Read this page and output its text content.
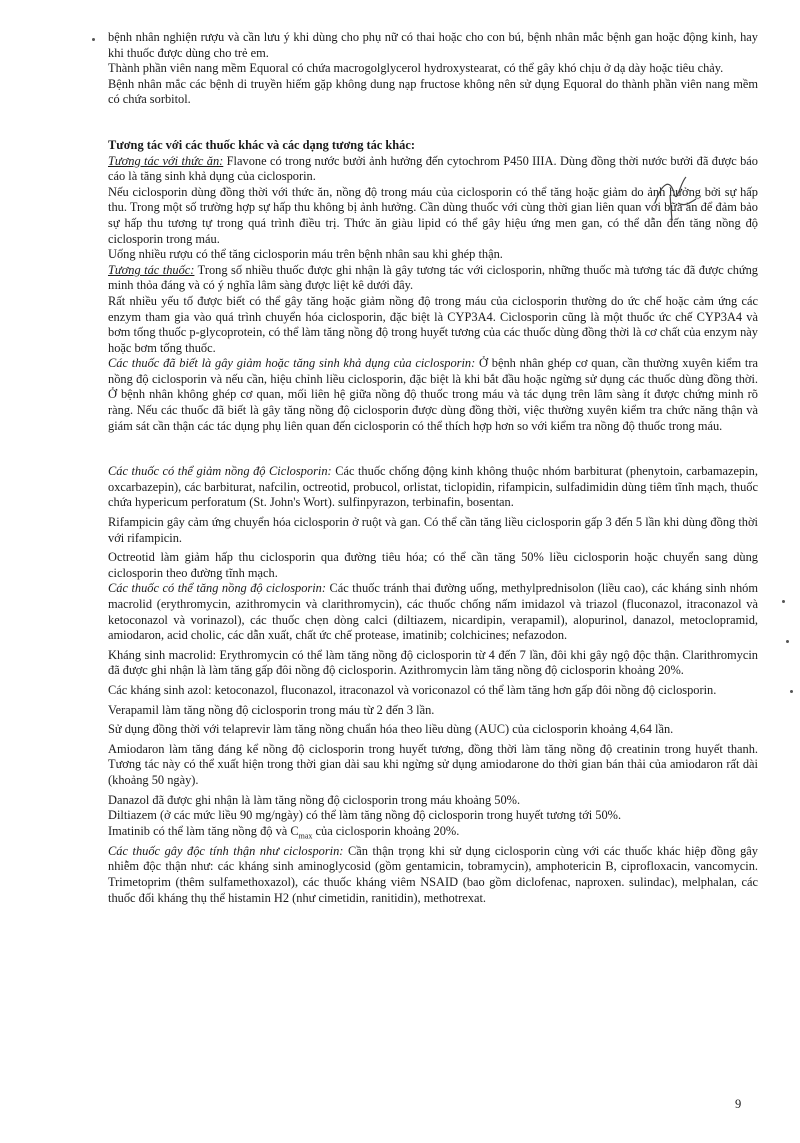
bệnh nhân nghiện rượu và cần lưu ý khi dùng cho phụ nữ có thai hoặc cho con bú, bệnh nhân mắc bệnh gan hoặc động kinh, hay khi thuốc được dùng cho trẻ em.

Thành phần viên nang mềm Equoral có chứa macrogolglycerol hydroxystearat, có thể gây khó chịu ở dạ dày hoặc tiêu chảy.

Bệnh nhân mắc các bệnh di truyền hiếm gặp không dung nạp fructose không nên sử dụng Equoral do thành phần viên nang mềm có chứa sorbitol.

Tương tác với các thuốc khác và các dạng tương tác khác:

Tương tác với thức ăn: Flavone có trong nước bưởi ảnh hưởng đến cytochrom P450 IIIA. Dùng đồng thời nước bưởi đã được báo cáo là tăng sinh khả dụng của ciclosporin.

Nếu ciclosporin dùng đồng thời với thức ăn, nồng độ trong máu của ciclosporin có thể tăng hoặc giảm do ảnh hưởng bởi sự hấp thu. Trong một số trường hợp sự hấp thu không bị ảnh hưởng. Cần dùng thuốc với cùng thời gian liên quan với bữa ăn để đảm bảo sự hấp thu tương tự trong quá trình điều trị. Thức ăn giàu lipid có thể gây hiệu ứng men gan, có thể dẫn đến tăng nồng độ ciclosporin trong máu.

Uống nhiều rượu có thể tăng ciclosporin máu trên bệnh nhân sau khi ghép thận.

Tương tác thuốc: Trong số nhiều thuốc được ghi nhận là gây tương tác với ciclosporin, những thuốc mà tương tác đã được chứng minh thỏa đáng và có ý nghĩa lâm sàng được liệt kê dưới đây.

Rất nhiều yếu tố được biết có thể gây tăng hoặc giảm nồng độ trong máu của ciclosporin thường do ức chế hoặc cảm ứng các enzym tham gia vào quá trình chuyển hóa ciclosporin, đặc biệt là CYP3A4. Ciclosporin cũng là một thuốc ức chế CYP3A4 và bơm tống thuốc p-glycoprotein, có thể làm tăng nồng độ trong huyết tương của các thuốc dùng đồng thời là cơ chất của enzym này hoặc bơm tống thuốc.

Các thuốc đã biết là gây giảm hoặc tăng sinh khả dụng của ciclosporin: Ở bệnh nhân ghép cơ quan, cần thường xuyên kiểm tra nồng độ ciclosporin và nếu cần, hiệu chỉnh liều ciclosporin, đặc biệt là khi bắt đầu hoặc ngừng sử dụng các thuốc dùng đồng thời. Ở bệnh nhân không ghép cơ quan, mối liên hệ giữa nồng độ thuốc trong máu và tác dụng trên lâm sàng ít được chứng minh rõ ràng. Nếu các thuốc đã biết là gây tăng nồng độ ciclosporin được dùng đồng thời, việc thường xuyên kiểm tra chức năng thận và giám sát cần thận các tác dụng phụ liên quan đến ciclosporin có thể thích hợp hơn so với kiểm tra nồng độ thuốc trong máu.

Các thuốc có thể giảm nồng độ Ciclosporin: Các thuốc chống động kinh không thuộc nhóm barbiturat (phenytoin, carbamazepin, oxcarbazepin), các barbiturat, nafcilin, octreotid, probucol, orlistat, ticlopidin, rifampicin, sulfadimidin dùng tiêm tĩnh mạch, thuốc chứa hypericum perforatum (St. John's Wort). sulfinpyrazon, terbinafin, bosentan.

Rifampicin gây cảm ứng chuyển hóa ciclosporin ở ruột và gan. Có thể cần tăng liều ciclosporin gấp 3 đến 5 lần khi dùng đồng thời với rifampicin.

Octreotid làm giảm hấp thu ciclosporin qua đường tiêu hóa; có thể cần tăng 50% liều ciclosporin hoặc chuyển sang dùng ciclosporin theo đường tĩnh mạch.

Các thuốc có thể tăng nồng độ ciclosporin: Các thuốc tránh thai đường uống, methylprednisolon (liều cao), các kháng sinh nhóm macrolid (erythromycin, azithromycin và clarithromycin), các thuốc chống nấm imidazol và triazol (fluconazol, itraconazol và ketoconazol và vorinazol), các thuốc chẹn dòng calci (diltiazem, nicardipin, verapamil), alopurinol, danazol, metoclopramid, amiodaron, acid cholic, các dẫn xuất, chất ức chế protease, imatinib; colchicines; nefazodon.

Kháng sinh macrolid: Erythromycin có thể làm tăng nồng độ ciclosporin từ 4 đến 7 lần, đôi khi gây ngộ độc thận. Clarithromycin đã được ghi nhận là làm tăng gấp đôi nồng độ ciclosporin. Azithromycin làm tăng nồng độ ciclosporin khoảng 20%.

Các kháng sinh azol: ketoconazol, fluconazol, itraconazol và voriconazol có thể làm tăng hơn gấp đôi nồng độ ciclosporin.

Verapamil làm tăng nồng độ ciclosporin trong máu từ 2 đến 3 lần.

Sử dụng đồng thời với telaprevir làm tăng nồng chuẩn hóa theo liều dùng (AUC) của ciclosporin khoảng 4,64 lần.

Amiodaron làm tăng đáng kể nồng độ ciclosporin trong huyết tương, đồng thời làm tăng nồng độ creatinin trong huyết thanh. Tương tác này có thể xuất hiện trong thời gian dài sau khi ngừng sử dụng amiodarone do thời gian bán thải của amiodaron rất dài (khoảng 50 ngày).

Danazol đã được ghi nhận là làm tăng nồng độ ciclosporin trong máu khoảng 50%.

Diltiazem (ở các mức liều 90 mg/ngày) có thể làm tăng nồng độ ciclosporin trong huyết tương tới 50%.

Imatinib có thể làm tăng nồng độ và $C_{max}$ của ciclosporin khoảng 20%.

Các thuốc gây độc tính thận như ciclosporin: Cần thận trọng khi sử dụng ciclosporin cùng với các thuốc khác hiệp đồng gây nhiễm độc thận như: các kháng sinh aminoglycosid (gồm gentamicin, tobramycin), amphotericin B, ciprofloxacin, vancomycin. Trimetoprim (thêm sulfamethoxazol), các thuốc kháng viêm NSAID (bao gồm diclofenac, naproxen. sulindac), melphalan, các thuốc đối kháng thụ thể histamin H2 (như cimetidin, ranitidin), methotrexat.

9
